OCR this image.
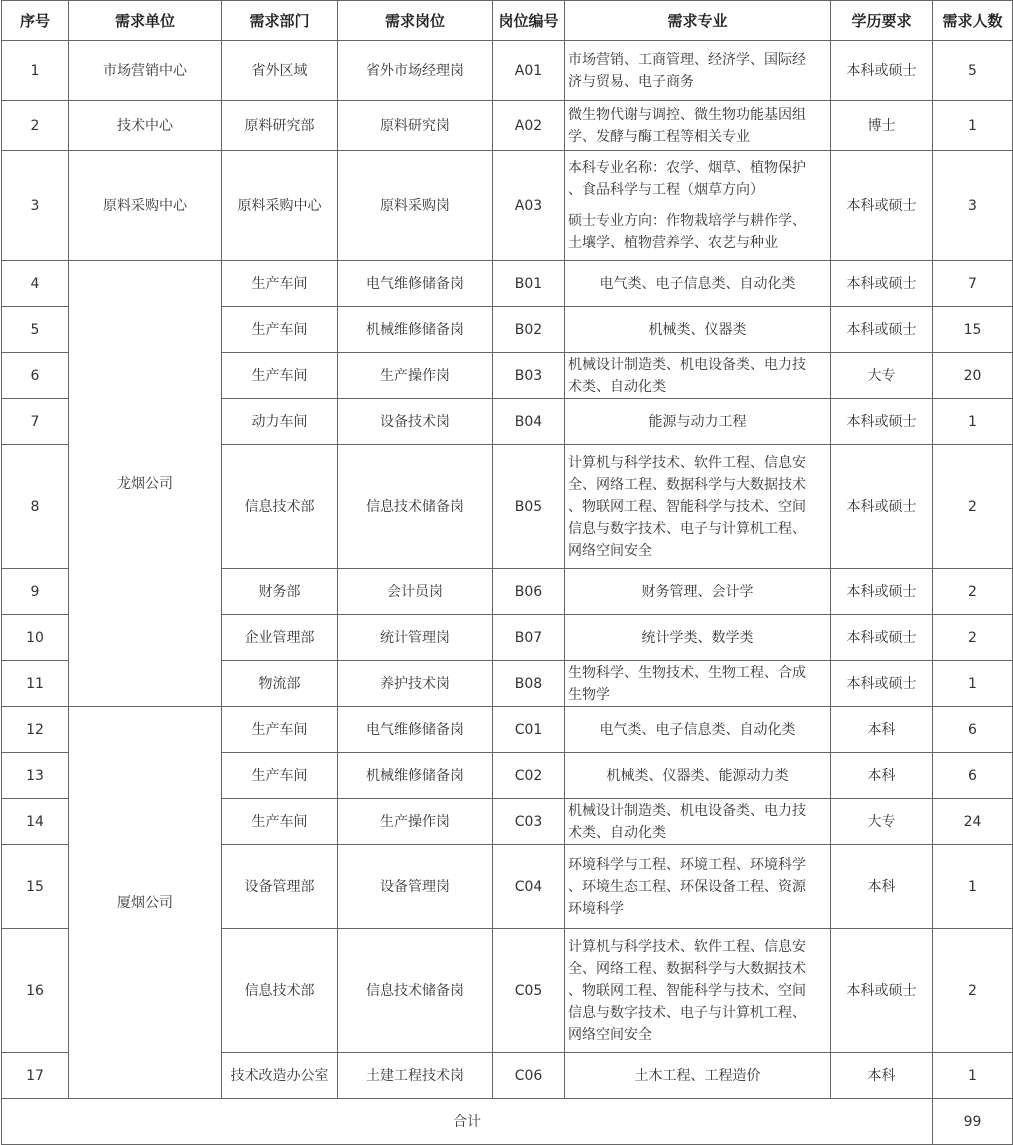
序号	需求单位	需求部门	需求岗位	岗位编号	需求专业	学历要求	需求人数
1	市场营销中心	省外区域	省外市场经理岗	A01	市场营销、工商管理、经济学、国际经
济与贸易、电子商务	本科或硕士	5
2	技术中心	原料研究部	原料研究岗	A02	微生物代谢与调控、微生物功能基因组
学、发酵与酶工程等相关专业	博士	1
3	原料采购中心	原料采购中心	原料采购岗	A03	本科专业名称：农学、烟草、植物保护
、食品科学与工程（烟草方向）
硕士专业方向：作物栽培学与耕作学、
土壤学、植物营养学、农艺与种业	本科或硕士	3
4	龙烟公司	生产车间	电气维修储备岗	B01	电气类、电子信息类、自动化类	本科或硕士	7
5		生产车间	机械维修储备岗	B02	机械类、仪器类	本科或硕士	15
6		生产车间	生产操作岗	B03	机械设计制造类、机电设备类、电力技
术类、自动化类	大专	20
7		动力车间	设备技术岗	B04	能源与动力工程	本科或硕士	1
8		信息技术部	信息技术储备岗	B05	计算机与科学技术、软件工程、信息安
全、网络工程、数据科学与大数据技术
、物联网工程、智能科学与技术、空间
信息与数字技术、电子与计算机工程、
网络空间安全	本科或硕士	2
9		财务部	会计员岗	B06	财务管理、会计学	本科或硕士	2
10		企业管理部	统计管理岗	B07	统计学类、数学类	本科或硕士	2
11		物流部	养护技术岗	B08	生物科学、生物技术、生物工程、合成
生物学	本科或硕士	1
12	厦烟公司	生产车间	电气维修储备岗	C01	电气类、电子信息类、自动化类	本科	6
13		生产车间	机械维修储备岗	C02	机械类、仪器类、能源动力类	本科	6
14		生产车间	生产操作岗	C03	机械设计制造类、机电设备类、电力技
术类、自动化类	大专	24
15		设备管理部	设备管理岗	C04	环境科学与工程、环境工程、环境科学
、环境生态工程、环保设备工程、资源
环境科学	本科	1
16		信息技术部	信息技术储备岗	C05	计算机与科学技术、软件工程、信息安
全、网络工程、数据科学与大数据技术
、物联网工程、智能科学与技术、空间
信息与数字技术、电子与计算机工程、
网络空间安全	本科或硕士	2
17		技术改造办公室	土建工程技术岗	C06	土木工程、工程造价	本科	1
合计							99
